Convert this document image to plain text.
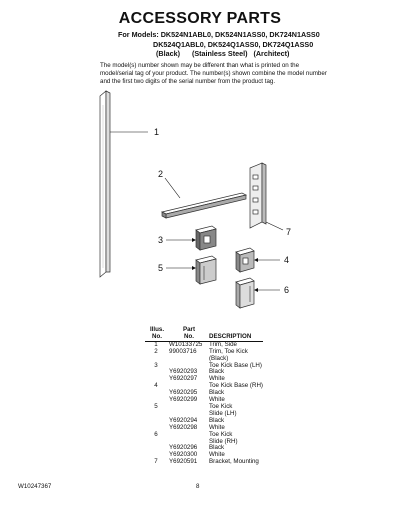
ACCESSORY PARTS
For Models: DK524N1ABL0, DK524N1ASS0, DK724N1ASS0
DK524Q1ABL0, DK524Q1ASS0, DK724Q1ASS0
(Black)      (Stainless Steel)   (Architect)
The model(s) number shown may be different than what is printed on the model/serial tag of your product. The number(s) shown combine the model number and the first two digits of the serial number from the product tag.
1
2
7
3
5
4
6
Illus.	Part	
No.	No.	DESCRIPTION
1	W10133725	Trim, Side
2	99003716	Trim, Toe Kick
		(Black)
3		Toe Kick Base (LH)
	Y6920293	Black
	Y6920297	White
4		Toe Kick Base (RH)
	Y6920295	Black
	Y6920299	White
5		Toe Kick
		Slide (LH)
	Y6920294	Black
	Y6920298	White
6		Toe Kick
		Slide (RH)
	Y6920296	Black
	Y6920300	White
7	Y6920591	Bracket, Mounting
W10247367	8
